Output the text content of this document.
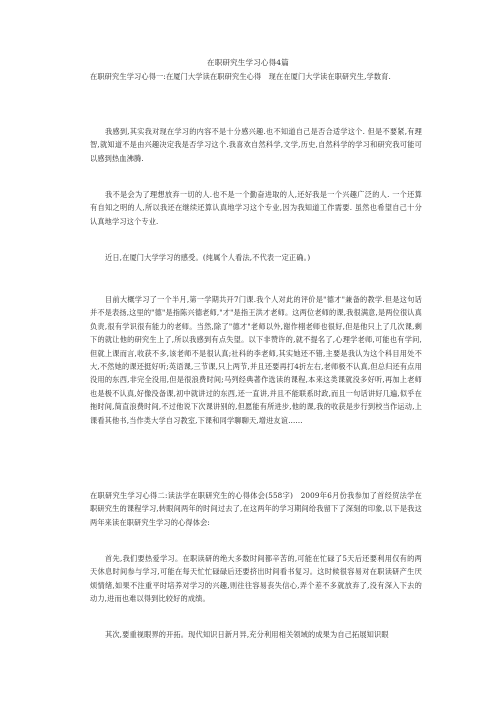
在职研究生学习心得4篇

在职研究生学习心得一:在厦门大学读在职研究生心得　现在在厦门大学读在职研究生,学数育.

我感到,其实我对现在学习的内容不是十分感兴趣.也不知道自己是否合适学这个. 但是不要紧,有理智,就知道不是由兴趣决定我是否学习这个.我喜欢自然科学,文学,历史,自然科学的学习和研究我可能可以感到热血沸腾.

我不是会为了理想放弃一切的人.也不是一个勤奋进取的人,还好我是一个兴趣广泛的人. 一个还算有自知之明的人,所以我还在继续还算认真地学习这个专业,因为我知道工作需要. 虽然也希望自己十分认真地学习这个专业.

近日,在厦门大学学习的感受。(纯属个人看法,不代表一定正确。)

目前大概学习了一个半月,第一学期共开7门课.我个人对此的评价是"德才"兼备的教学.但是这句话并不是表扬,这里的"德"是指陈兴德老师,"才"是指王洪才老师。这两位老师的课,我很满意,是两位很认真负责,很有学识很有能力的老师。当然,除了"德才"老师以外,谢作栩老师也很好,但是他只上了几次课,剩下的就让他的研究生上了,所以我感到有点失望。以下非赞许的,就不提名了,心理学老师,可能也有学问,但就上课而言,收获不多,该老师不是很认真;社科的李老师,其实她还不错,主要是我认为这个科目用处不大,不然她的课还挺好听;英语课,三节课,只上两节,并且还要再打4折左右,老师极不认真,但总归还有点用没用的东西,非完全没用,但是很浪费时间;马列经典著作选读的课程,本来这类课就没多好听,再加上老师也是极不认真,好像没备课,初中就讲过的东西,还一直讲,并且不能联系时政,而且一句话讲好几遍,似乎在拖时间,简直浪费时间,不过他说下次课讲别的,但愿能有所进步,他的课,我的收获是步行到校当作运动,上课看其他书,当作类大学自习教室,下课和同学聊聊天,增进友谊……

在职研究生学习心得二:读法学在职研究生的心得体会(558字)　2009年6月份我参加了首经贸法学在职研究生的课程学习,转眼间两年的时间过去了,在这两年的学习期间给我留下了深刻的印象,以下是我这两年来读在职研究生学习的心得体会:

首先,我们要热爱学习。在职读研的绝大多数时间都辛苦的,可能在忙碌了5天后还要利用仅有的两天休息时间参与学习,可能在每天忙忙碌碌后还要挤出时间看书复习。这时候很容易对在职读研产生厌烦情绪,如果不注重平时培养对学习的兴趣,则往往容易丧失信心,弄个差不多就放弃了,没有深入下去的动力,进而也难以得到比较好的成绩。

其次,要重视眼界的开拓。现代知识日新月异,充分利用相关领域的成果为自己拓展知识眼
